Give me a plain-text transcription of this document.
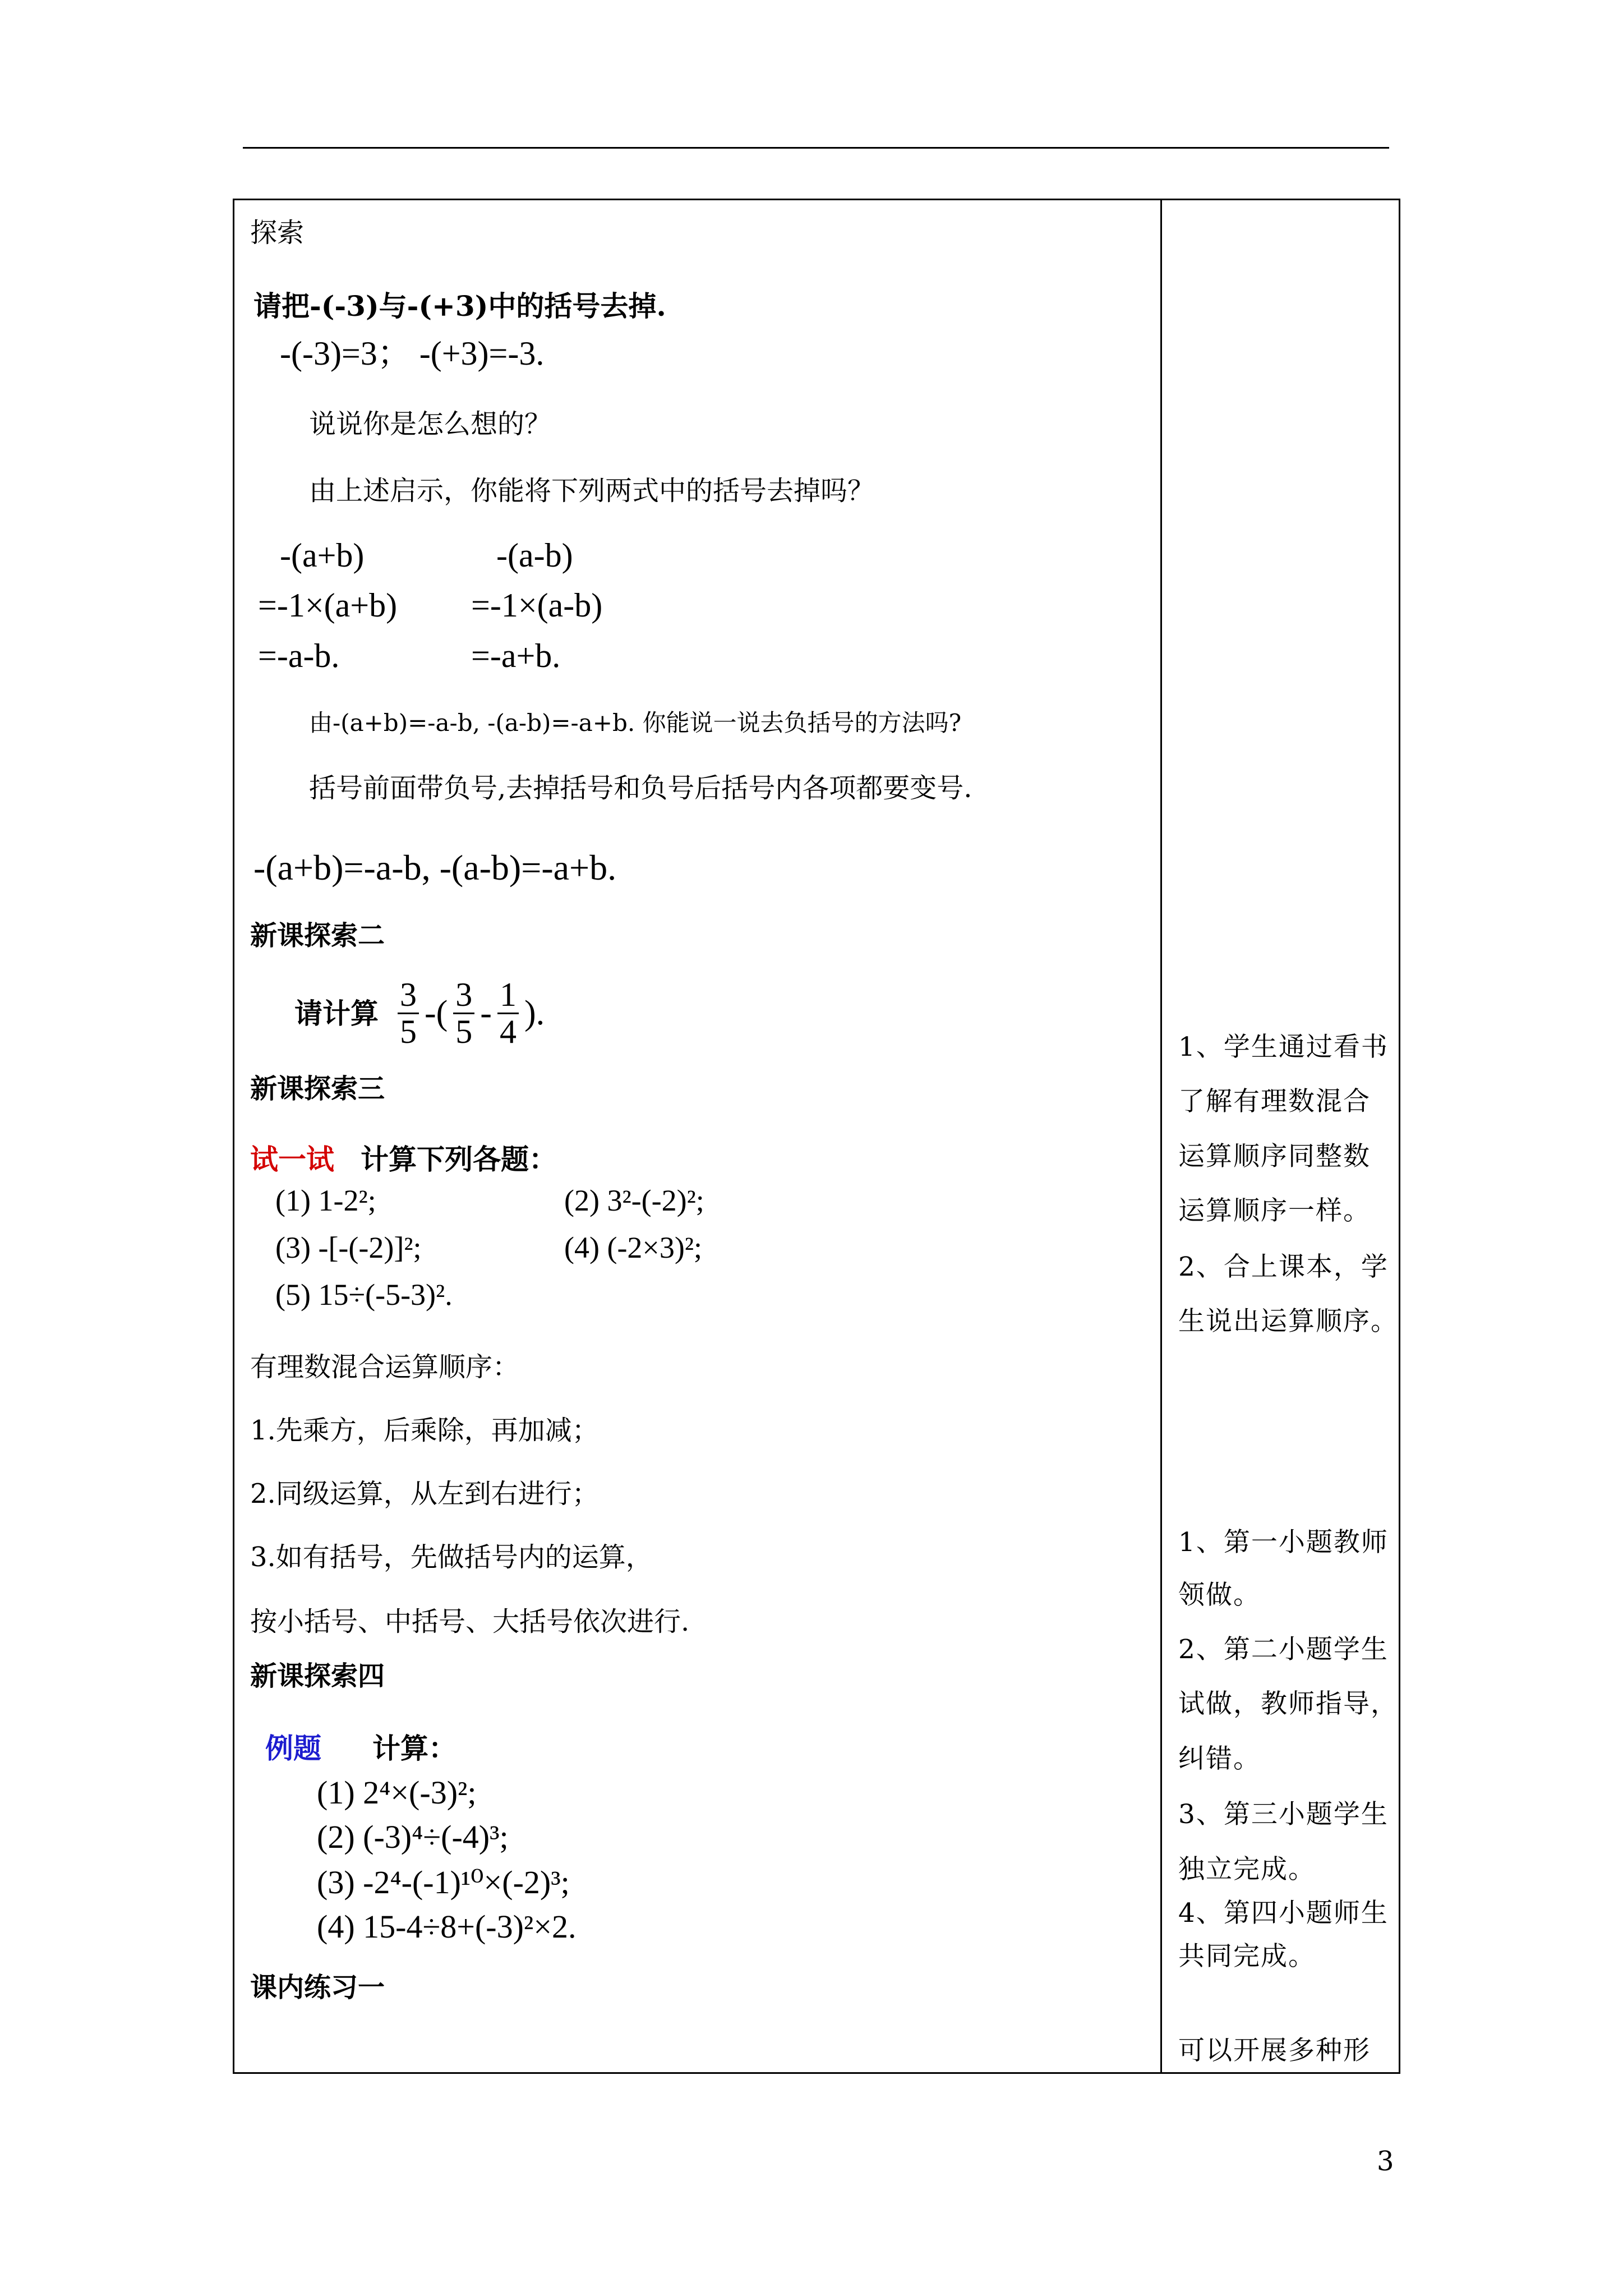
探索
请把-(-3)与-(+3)中的括号去掉.
-(-3)=3； -(+3)=-3.
说说你是怎么想的？
由上述启示，你能将下列两式中的括号去掉吗？
-(a+b)	-(a-b)
=-1×(a+b) =-1×(a-b)
=-a-b.	=-a+b.
由-(a+b)=-a-b, -(a-b)=-a+b. 你能说一说去负括号的方法吗?
括号前面带负号,去掉括号和负号后括号内各项都要变号.
-(a+b)=-a-b, -(a-b)=-a+b.
新课探索二
请计算 $\frac{3}{5}$ -( $\frac{3}{5} - \frac{1}{4}$ ).
新课探索三
试一试 计算下列各题：
(1) 1-2²;	(2) 3²-(-2)²;
(3) -[-(-2)]²;	(4) (-2×3)²;
(5) 15÷(-5-3)².
有理数混合运算顺序：
1.先乘方，后乘除，再加减；
2.同级运算，从左到右进行；
3.如有括号，先做括号内的运算，
按小括号、中括号、大括号依次进行.
新课探索四
例题 计算：
(1) 2⁴×(-3)²;
(2) (-3)⁴÷(-4)³;
(3) -2⁴-(-1)¹⁰×(-2)³;
(4) 15-4÷8+(-3)²×2.
课内练习一
1、学生通过看书
了解有理数混合
运算顺序同整数
运算顺序一样。
2、合上课本，学
生说出运算顺序。
1、第一小题教师
领做。
2、第二小题学生
试做，教师指导，
纠错。
3、第三小题学生
独立完成。
4、第四小题师生
共同完成。
可以开展多种形
3
